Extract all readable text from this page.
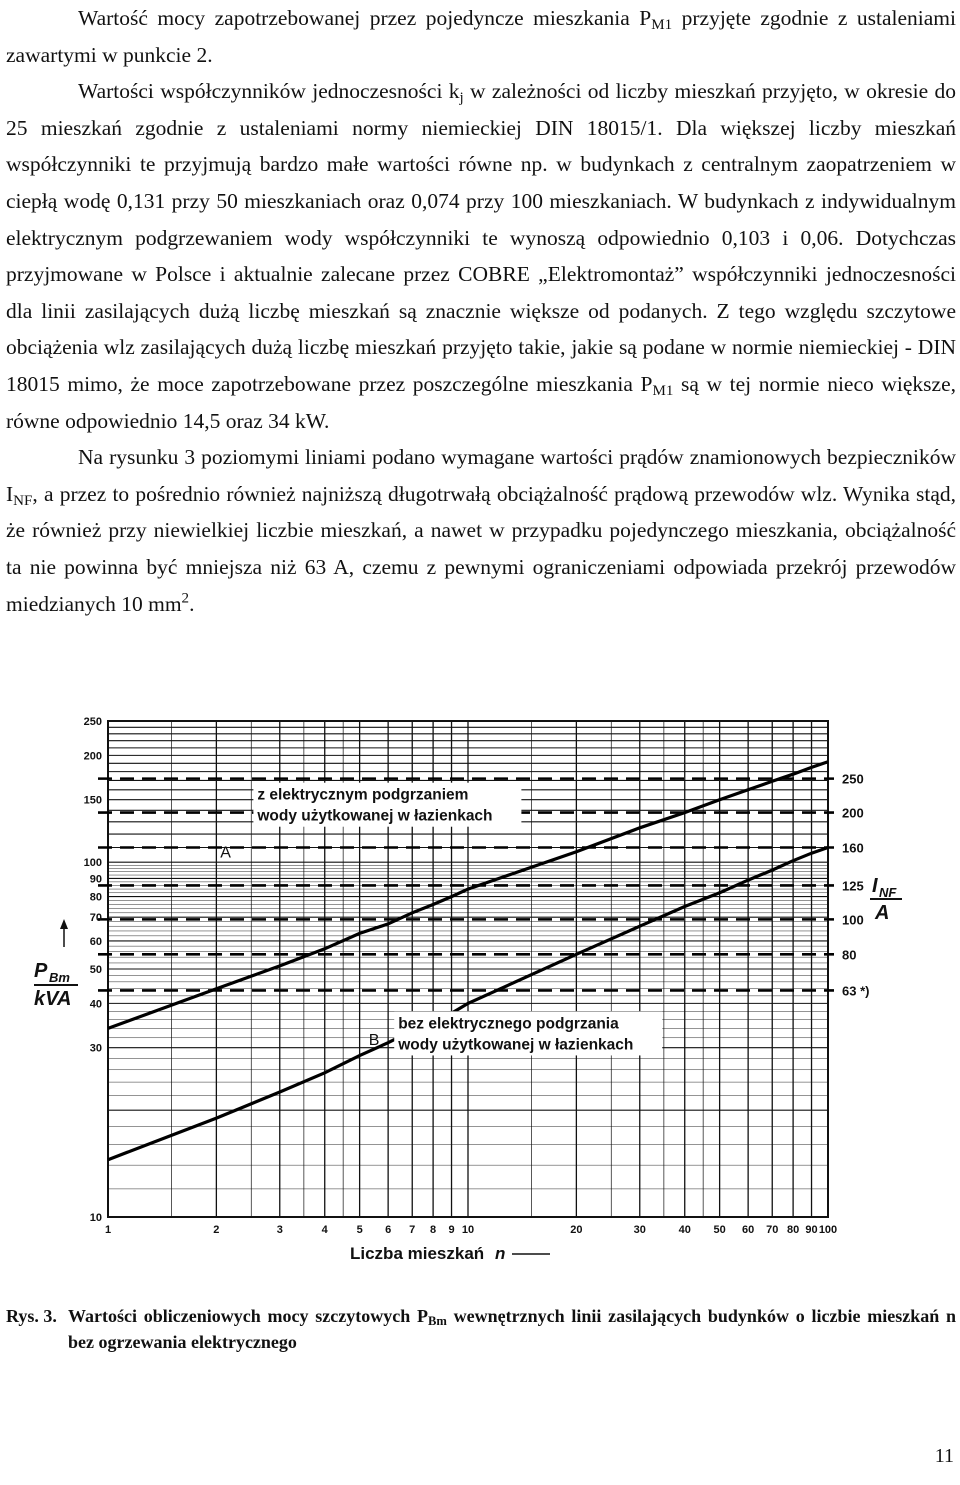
Wartość mocy zapotrzebowanej przez pojedyncze mieszkania $P_{M1}$ przyjęte zgodnie z ustaleniami zawartymi w punkcie 2.

Wartości współczynników jednoczesności $k_j$ w zależności od liczby mieszkań przyjęto, w okresie do 25 mieszkań zgodnie z ustaleniami normy niemieckiej DIN 18015/1. Dla większej liczby mieszkań współczynniki te przyjmują bardzo małe wartości równe np. w budynkach z centralnym zaopatrzeniem w ciepłą wodę 0,131 przy 50 mieszkaniach oraz 0,074 przy 100 mieszkaniach. W budynkach z indywidualnym elektrycznym podgrzewaniem wody współczynniki te wynoszą odpowiednio 0,103 i 0,06. Dotychczas przyjmowane w Polsce i aktualnie zalecane przez COBRE „Elektromontaż” współczynniki jednoczesności dla linii zasilających dużą liczbę mieszkań są znacznie większe od podanych. Z tego względu szczytowe obciążenia wlz zasilających dużą liczbę mieszkań przyjęto takie, jakie są podane w normie niemieckiej - DIN 18015 mimo, że moce zapotrzebowane przez poszczególne mieszkania $P_{M1}$ są w tej normie nieco większe, równe odpowiednio 14,5 oraz 34 kW.

Na rysunku 3 poziomymi liniami podano wymagane wartości prądów znamionowych bezpieczników $I_{NF}$, a przez to pośrednio również najniższą długotrwałą obciążalność prądową przewodów wlz. Wynika stąd, że również przy niewielkiej liczbie mieszkań, a nawet w przypadku pojedynczego mieszkania, obciążalność ta nie powinna być mniejsza niż 63 A, czemu z pewnymi ograniczeniami odpowiada przekrój przewodów miedzianych 10 $mm^2$.

10
30
40
50
60
70
80
90
100
150
200
250
1	2	3	4	5 6 7 8 9 10	20	30	40 50 60 70 80 90 100
250
200
160
125
100
80
63 *)
A
z elektrycznym podgrzaniem
wody użytkowanej w łazienkach
B
bez elektrycznego podgrzania
wody użytkowanej w łazienkach
P Bm
kVA
I NF
A
Liczba mieszkań n
Rys. 3. Wartości obliczeniowych mocy szczytowych $P_{Bm}$ wewnętrznych linii zasilających budynków o liczbie mieszkań n bez ogrzewania elektrycznego
11
